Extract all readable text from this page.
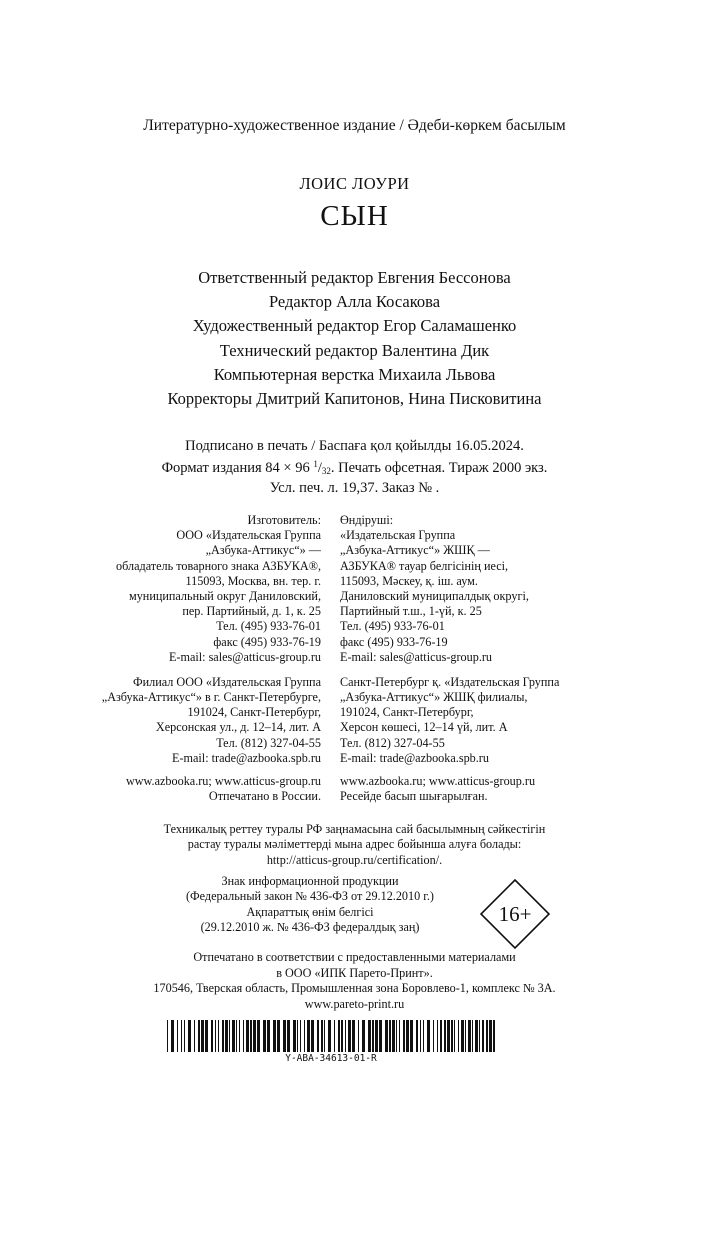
Литературно-художественное издание / Әдеби-көркем басылым
ЛОИС ЛОУРИ
СЫН
Ответственный редактор Евгения Бессонова
Редактор Алла Косакова
Художественный редактор Егор Саламашенко
Технический редактор Валентина Дик
Компьютерная верстка Михаила Львова
Корректоры Дмитрий Капитонов, Нина Писковитина
Подписано в печать / Баспаға қол қойылды 16.05.2024.
Формат издания 84 × 96 $^1/_{32}$. Печать офсетная. Тираж 2000 экз.
Усл. печ. л. 19,37. Заказ № .
Изготовитель:
ООО «Издательская Группа
„Азбука-Аттикус“» —
обладатель товарного знака АЗБУКА®,
115093, Москва, вн. тер. г.
муниципальный округ Даниловский,
пер. Партийный, д. 1, к. 25
Тел. (495) 933-76-01
факс (495) 933-76-19
E-mail: sales@atticus-group.ru
Филиал ООО «Издательская Группа
„Азбука-Аттикус“» в г. Санкт-Петербурге,
191024, Санкт-Петербург,
Херсонская ул., д. 12–14, лит. А
Тел. (812) 327-04-55
E-mail: trade@azbooka.spb.ru
www.azbooka.ru; www.atticus-group.ru
Отпечатано в России.
Өндіруші:
«Издательская Группа
„Азбука-Аттикус“» ЖШҚ —
АЗБУКА® тауар белгісінің иесі,
115093, Мәскеу, қ. іш. аум.
Даниловский муниципалдық округі,
Партийный т.ш., 1-үй, к. 25
Тел. (495) 933-76-01
факс (495) 933-76-19
E-mail: sales@atticus-group.ru
Санкт-Петербург қ. «Издательская Группа
„Азбука-Аттикус“» ЖШҚ филиалы,
191024, Санкт-Петербург,
Херсон көшесі, 12–14 үй, лит. А
Тел. (812) 327-04-55
E-mail: trade@azbooka.spb.ru
www.azbooka.ru; www.atticus-group.ru
Ресейде басып шығарылған.
Техникалық реттеу туралы РФ заңнамасына сай басылымның сәйкестігін
растау туралы мәліметтерді мына адрес бойынша алуға болады:
http://atticus-group.ru/certification/.
Знак информационной продукции
(Федеральный закон № 436-ФЗ от 29.12.2010 г.)
Ақпараттық өнім белгісі
(29.12.2010 ж. № 436-ФЗ федералдық заң)
16+
Отпечатано в соответствии с предоставленными материалами
в ООО «ИПК Парето-Принт».
170546, Тверская область, Промышленная зона Боровлево-1, комплекс № 3А.
www.pareto-print.ru
Y-ABA-34613-01-R
